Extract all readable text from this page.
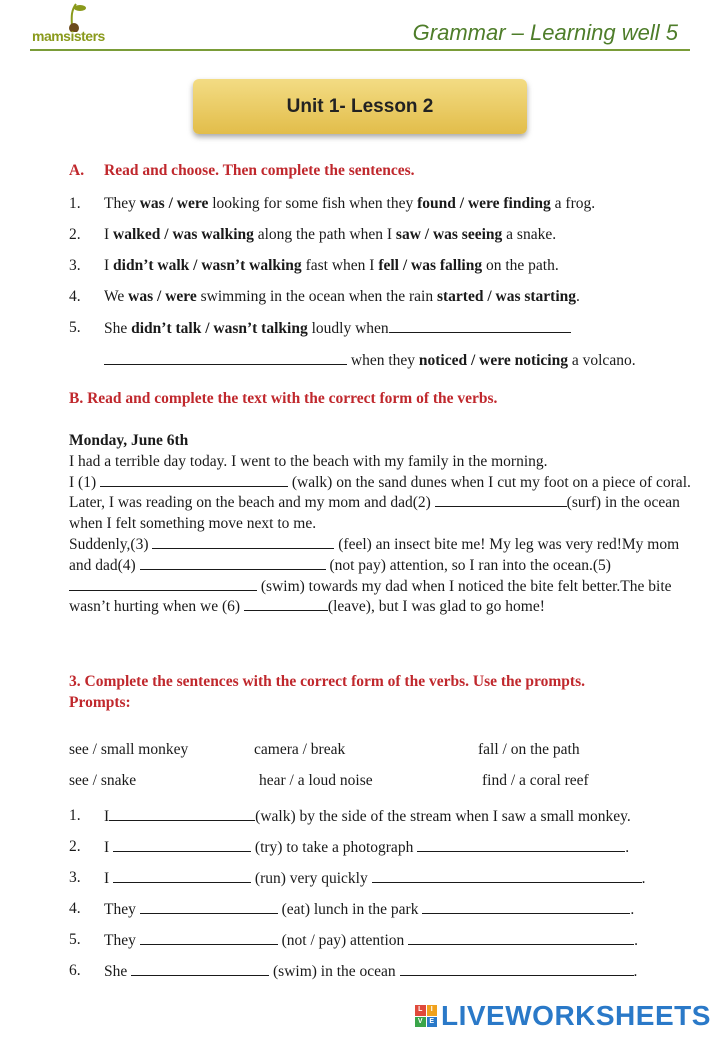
mamsisters	Grammar – Learning well 5
Unit 1- Lesson 2
A. Read and choose. Then complete the sentences.
1. They was / were looking for some fish when they found / were finding a frog.
2. I walked / was walking along the path when I saw / was seeing a snake.
3. I didn’t walk / wasn’t walking fast when I fell / was falling on the path.
4. We was / were swimming in the ocean when the rain started / was starting.
5. She didn’t talk / wasn’t talking loudly when
when they noticed / were noticing a volcano.
B. Read and complete the text with the correct form of the verbs.
Monday, June 6th
I had a terrible day today. I went to the beach with my family in the morning.
I (1)	(walk) on the sand dunes when I cut my foot on a piece of coral.
Later, I was reading on the beach and my mom and dad(2)	(surf) in the ocean when I felt something move next to me.
Suddenly,(3)	(feel) an insect bite me! My leg was very red!My mom and dad(4)	(not pay) attention, so I ran into the ocean.(5)  (swim) towards my dad when I noticed the bite felt better.The bite wasn’t hurting when we (6)	(leave), but I was glad to go home!
3. Complete the sentences with the correct form of the verbs. Use the prompts.
Prompts:
see / small monkey	camera / break	fall / on the path
see / snake	hear / a loud noise	find / a coral reef
1. I	(walk) by the side of the stream when I saw a small monkey.
2. I	(try) to take a photograph	.
3. I	(run) very quickly	.
4. They	(eat) lunch in the park	.
5. They	(not / pay) attention	.
6. She	(swim) in the ocean	.
L	I
V E LIVEWORKSHEETS
